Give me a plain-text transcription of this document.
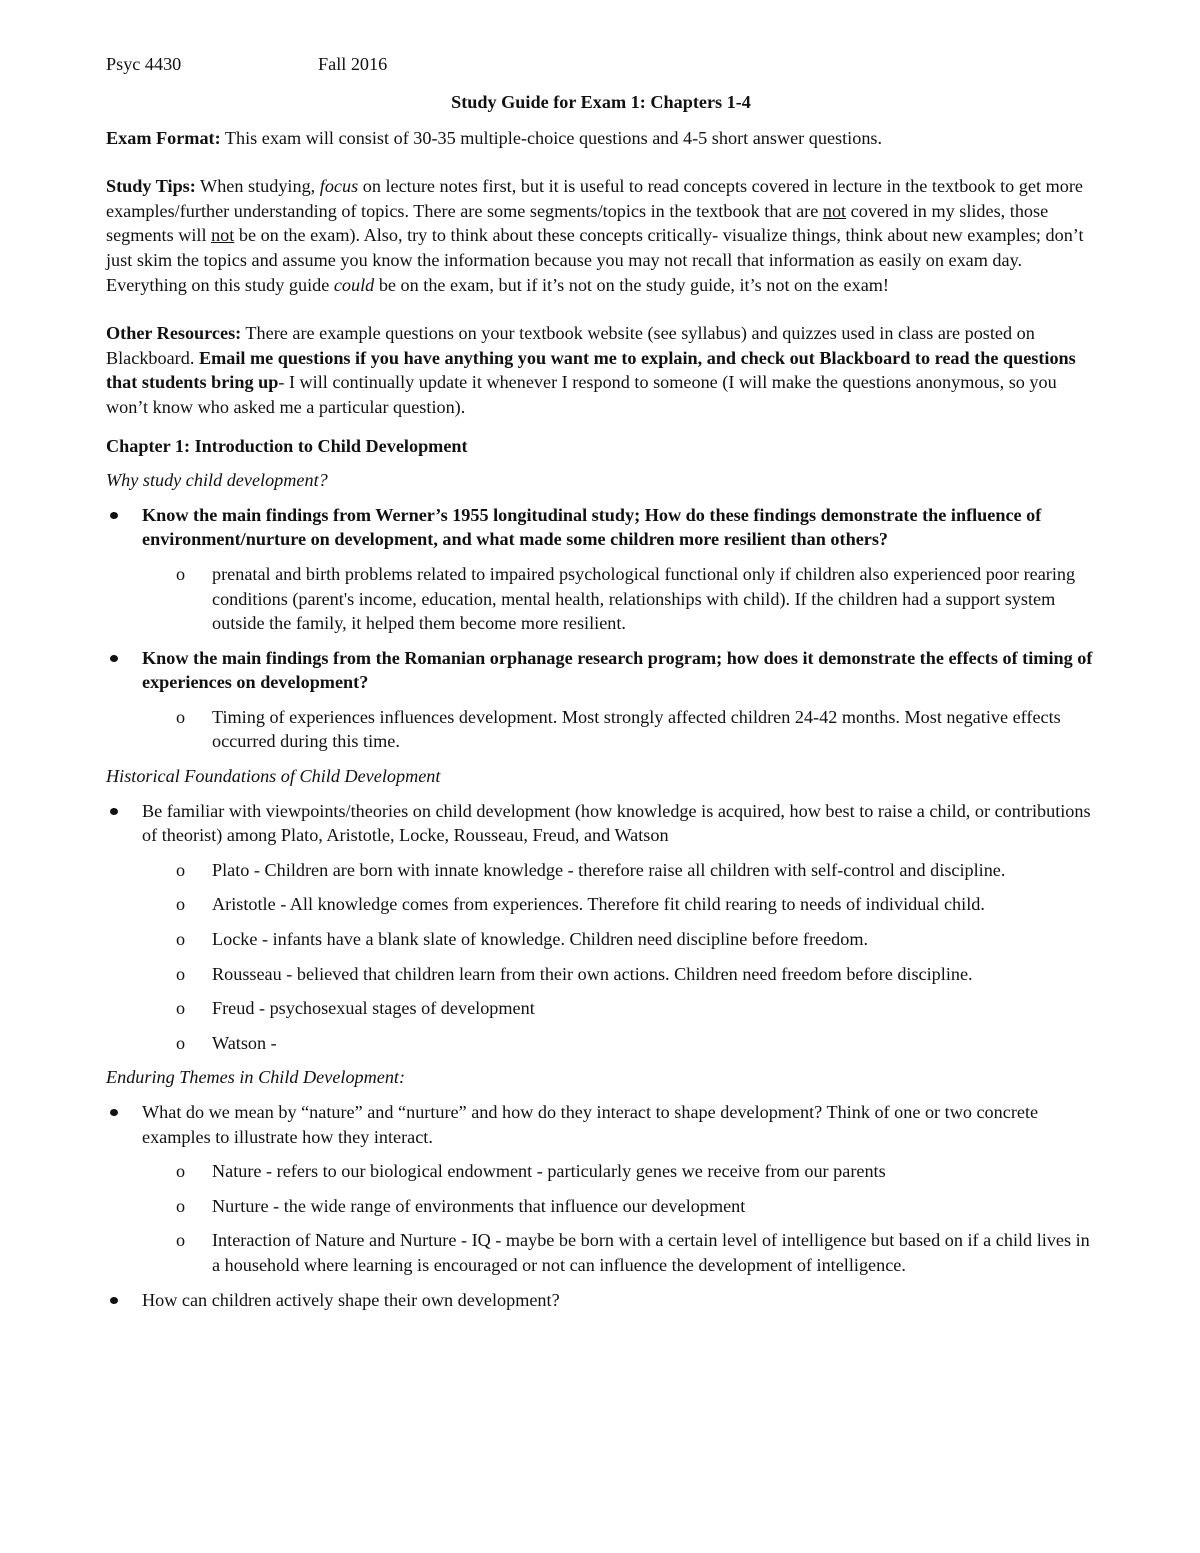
Psyc 4430	Fall 2016

Study Guide for Exam 1: Chapters 1-4

Exam Format: This exam will consist of 30-35 multiple-choice questions and 4-5 short answer questions.

Study Tips: When studying, focus on lecture notes first, but it is useful to read concepts covered in lecture in the textbook to get more examples/further understanding of topics. There are some segments/topics in the textbook that are not covered in my slides, those segments will not be on the exam). Also, try to think about these concepts critically- visualize things, think about new examples; don’t just skim the topics and assume you know the information because you may not recall that information as easily on exam day. Everything on this study guide could be on the exam, but if it’s not on the study guide, it’s not on the exam!

Other Resources: There are example questions on your textbook website (see syllabus) and quizzes used in class are posted on Blackboard. Email me questions if you have anything you want me to explain, and check out Blackboard to read the questions that students bring up- I will continually update it whenever I respond to someone (I will make the questions anonymous, so you won’t know who asked me a particular question).

Chapter 1: Introduction to Child Development

Why study child development?

Know the main findings from Werner’s 1955 longitudinal study; How do these findings demonstrate the influence of environment/nurture on development, and what made some children more resilient than others?
o prenatal and birth problems related to impaired psychological functional only if children also experienced poor rearing conditions (parent's income, education, mental health, relationships with child). If the children had a support system outside the family, it helped them become more resilient.
Know the main findings from the Romanian orphanage research program; how does it demonstrate the effects of timing of experiences on development?
o Timing of experiences influences development. Most strongly affected children 24-42 months. Most negative effects occurred during this time.

Historical Foundations of Child Development

Be familiar with viewpoints/theories on child development (how knowledge is acquired, how best to raise a child, or contributions of theorist) among Plato, Aristotle, Locke, Rousseau, Freud, and Watson
o Plato - Children are born with innate knowledge - therefore raise all children with self-control and discipline.
o Aristotle - All knowledge comes from experiences. Therefore fit child rearing to needs of individual child.
o Locke - infants have a blank slate of knowledge. Children need discipline before freedom.
o Rousseau - believed that children learn from their own actions. Children need freedom before discipline.
o Freud - psychosexual stages of development
o Watson -

Enduring Themes in Child Development:

What do we mean by “nature” and “nurture” and how do they interact to shape development? Think of one or two concrete examples to illustrate how they interact.
o Nature - refers to our biological endowment - particularly genes we receive from our parents
o Nurture - the wide range of environments that influence our development
o Interaction of Nature and Nurture - IQ - maybe be born with a certain level of intelligence but based on if a child lives in a household where learning is encouraged or not can influence the development of intelligence.
How can children actively shape their own development?
